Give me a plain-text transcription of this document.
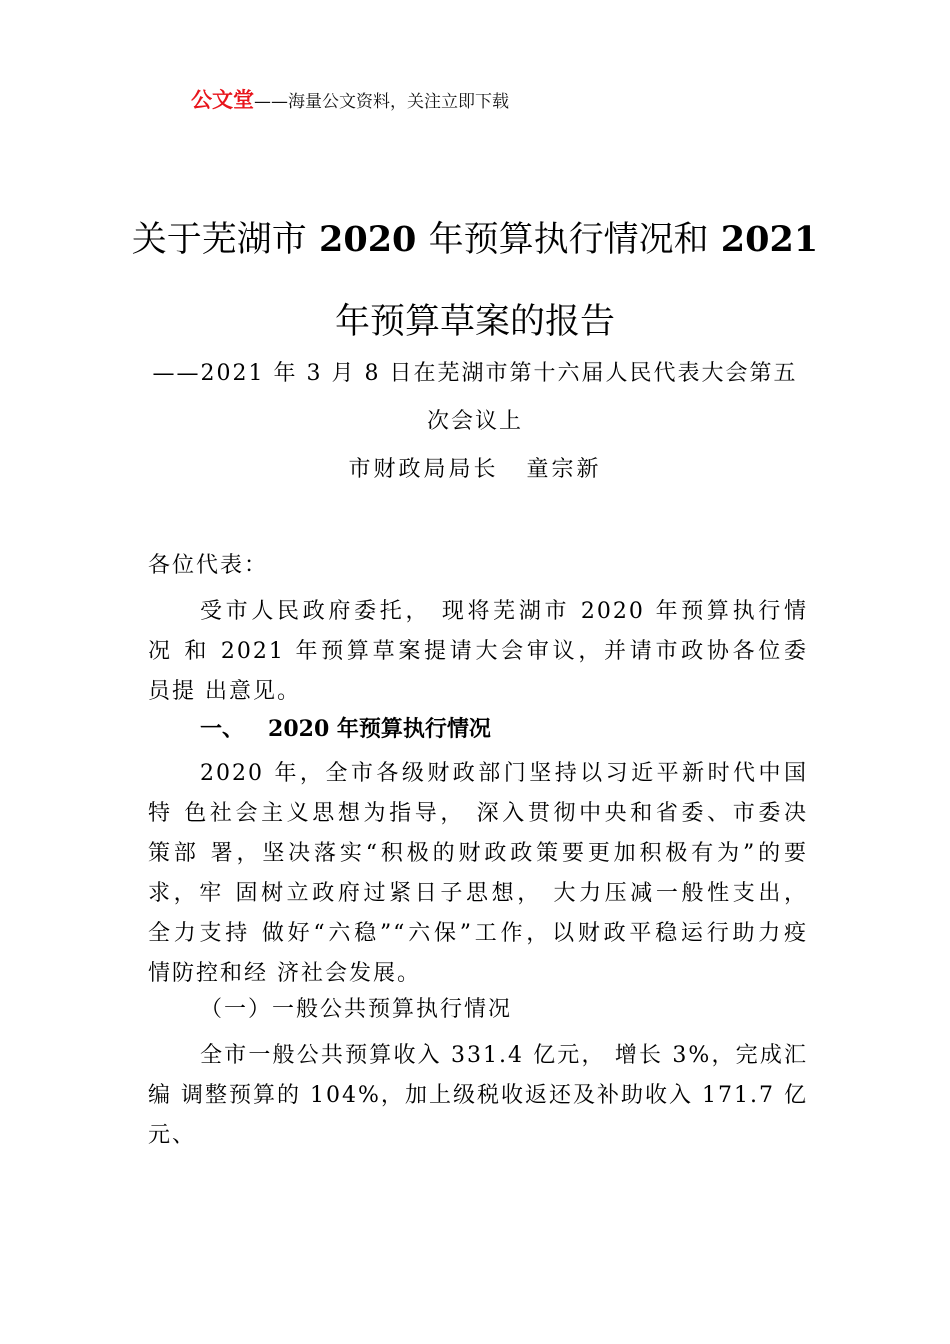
公文堂——海量公文资料，关注立即下载
关于芜湖市 2020 年预算执行情况和 2021
年预算草案的报告
——2021 年 3 月 8 日在芜湖市第十六届人民代表大会第五
次会议上
市财政局局长 童宗新
各位代表：
受市人民政府委托， 现将芜湖市 2020 年预算执行情
况 和 2021 年预算草案提请大会审议，并请市政协各位委
员提 出意见。
一、 2020 年预算执行情况
2020 年，全市各级财政部门坚持以习近平新时代中国
特 色社会主义思想为指导， 深入贯彻中央和省委、市委决
策部 署，坚决落实“积极的财政政策要更加积极有为”的要
求，牢 固树立政府过紧日子思想， 大力压减一般性支出，
全力支持 做好“六稳”“六保”工作，以财政平稳运行助力疫
情防控和经 济社会发展。
（一）一般公共预算执行情况
全市一般公共预算收入 331.4 亿元， 增长 3%，完成汇
编 调整预算的 104%，加上级税收返还及补助收入 171.7 亿
元、
